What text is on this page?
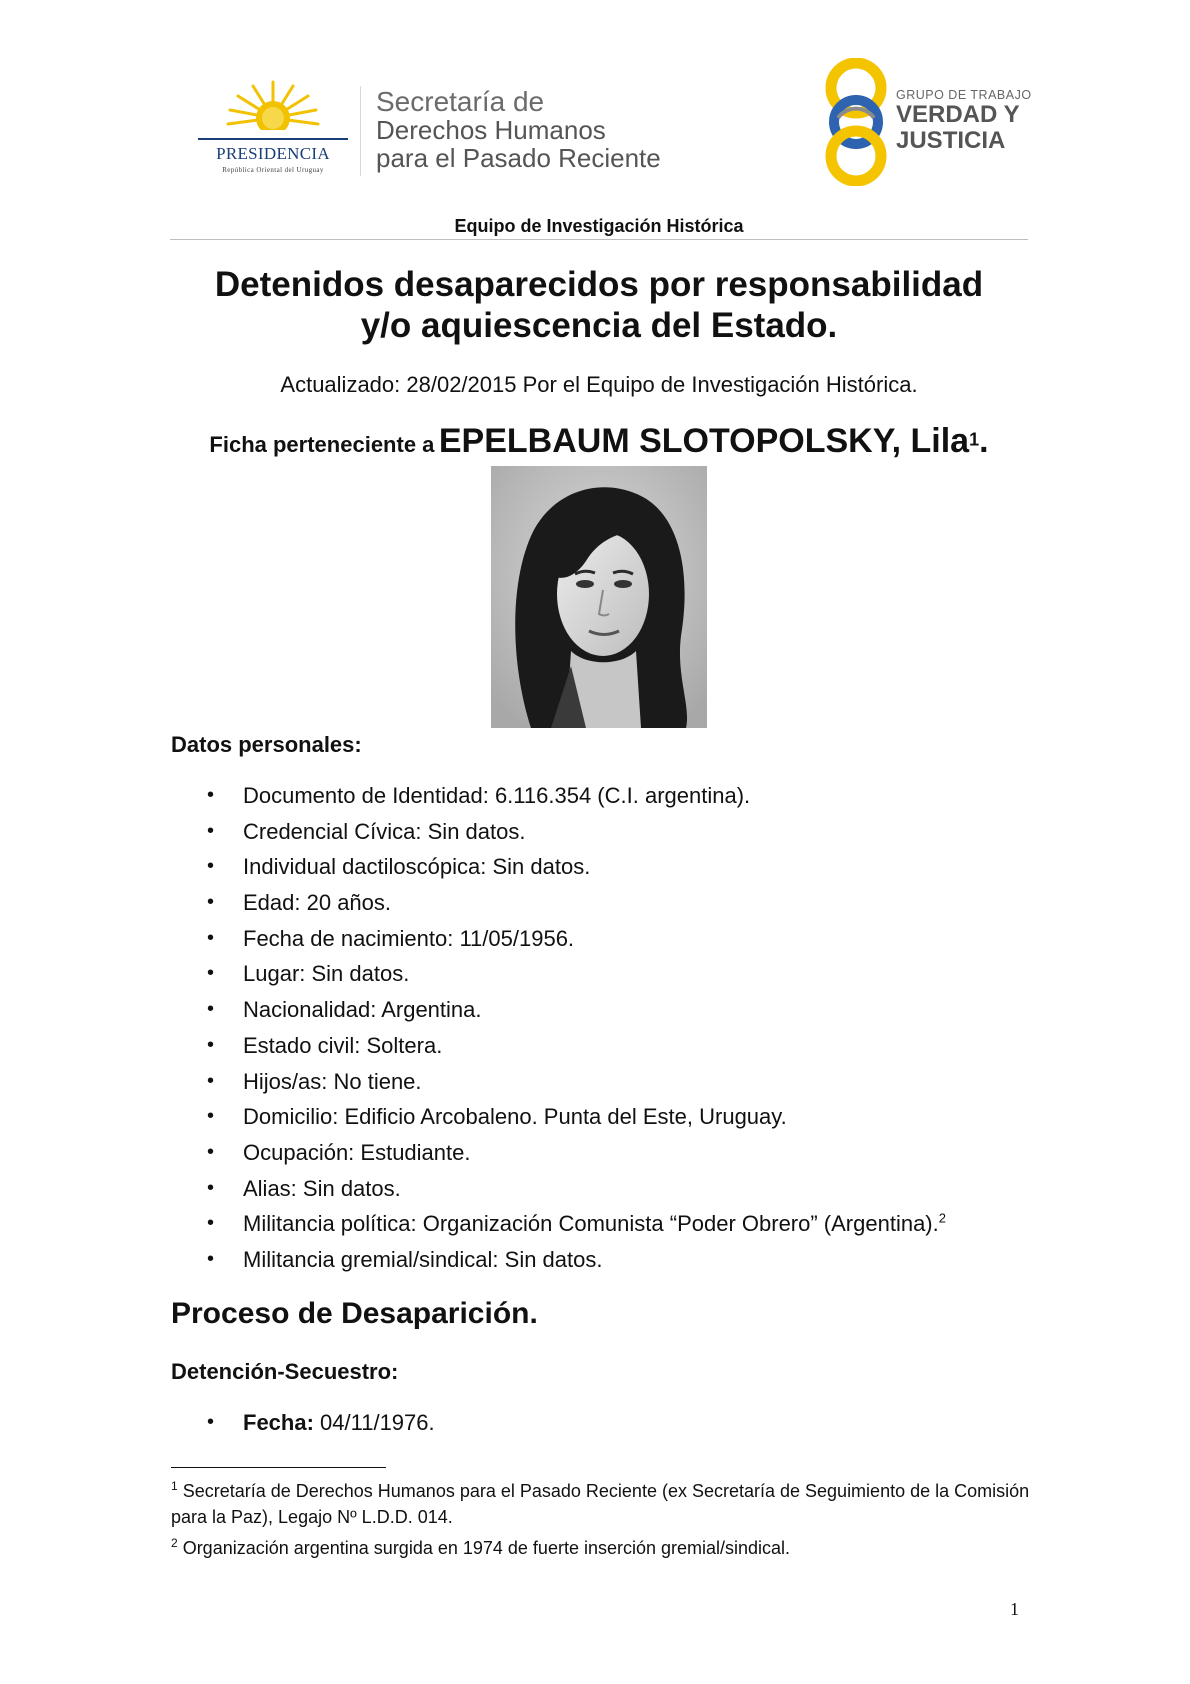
PRESIDENCIA
República Oriental del Uruguay
Secretaría de
Derechos Humanos
para el Pasado Reciente
GRUPO DE TRABAJO
VERDAD Y
JUSTICIA
Equipo de Investigación Histórica
Detenidos desaparecidos por responsabilidad
y/o aquiescencia del Estado.
Actualizado: 28/02/2015 Por el Equipo de Investigación Histórica.
Ficha perteneciente a EPELBAUM SLOTOPOLSKY, Lila$^1$.
Datos personales:
• Documento de Identidad: 6.116.354 (C.I. argentina).
• Credencial Cívica: Sin datos.
• Individual dactiloscópica: Sin datos.
• Edad: 20 años.
• Fecha de nacimiento: 11/05/1956.
• Lugar: Sin datos.
• Nacionalidad: Argentina.
• Estado civil: Soltera.
• Hijos/as: No tiene.
• Domicilio: Edificio Arcobaleno. Punta del Este, Uruguay.
• Ocupación: Estudiante.
• Alias: Sin datos.
• Militancia política: Organización Comunista “Poder Obrero” (Argentina).$^2$
• Militancia gremial/sindical: Sin datos.
Proceso de Desaparición.
Detención-Secuestro:
• Fecha: 04/11/1976.
$^1$ Secretaría de Derechos Humanos para el Pasado Reciente (ex Secretaría de Seguimiento de la Comisión para la Paz), Legajo Nº L.D.D. 014.
$^2$ Organización argentina surgida en 1974 de fuerte inserción gremial/sindical.
1
